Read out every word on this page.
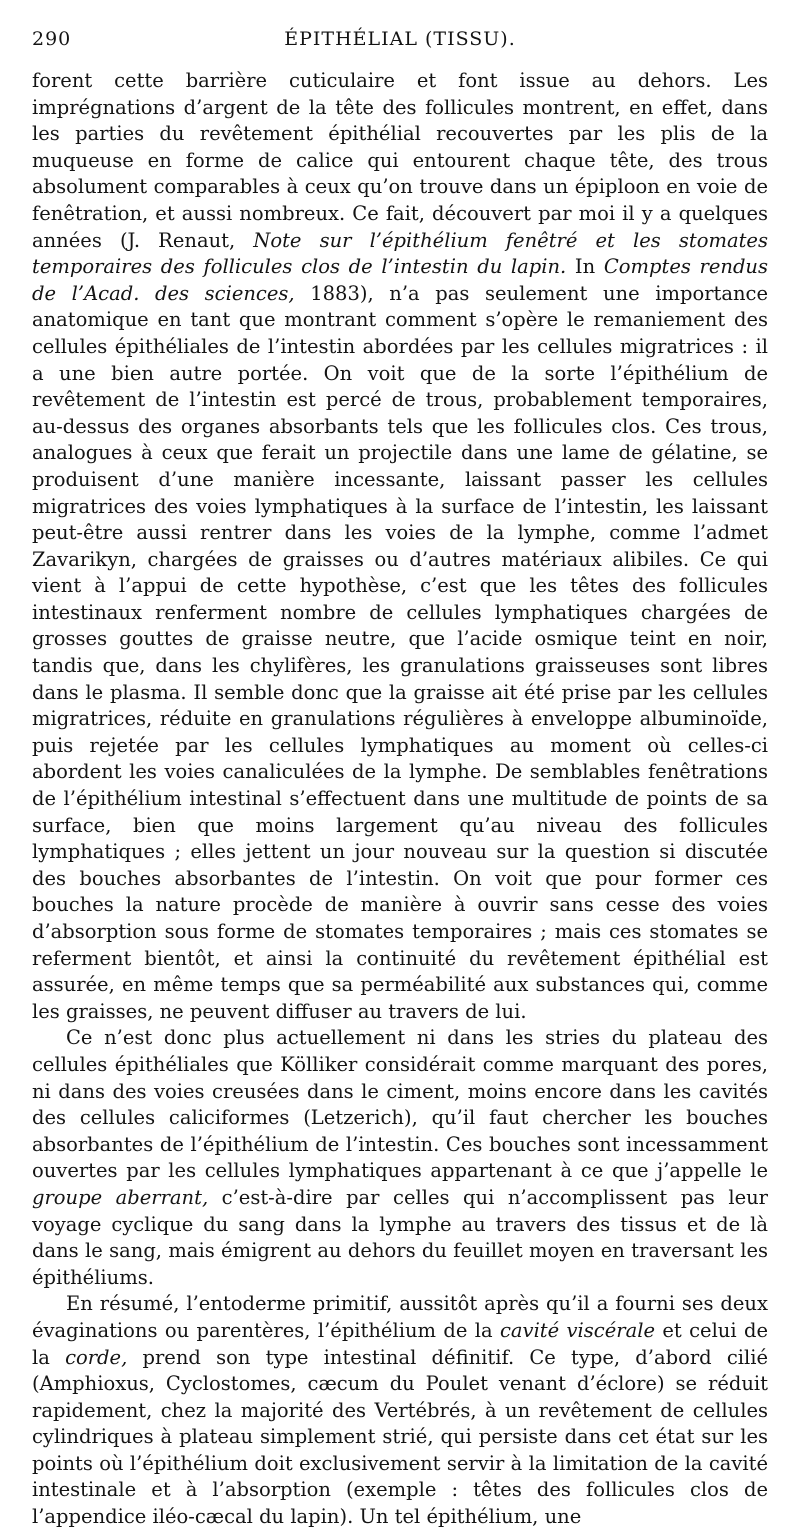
290	ÉPITHÉLIAL (TISSU).

forent cette barrière cuticulaire et font issue au dehors. Les imprégnations d’argent de la tête des follicules montrent, en effet, dans les parties du revêtement épithélial recouvertes par les plis de la muqueuse en forme de calice qui entourent chaque tête, des trous absolument comparables à ceux qu’on trouve dans un épiploon en voie de fenêtration, et aussi nombreux. Ce fait, découvert par moi il y a quelques années (J. Renaut, Note sur l’épithélium fenêtré et les stomates temporaires des follicules clos de l’intestin du lapin. In Comptes rendus de l’Acad. des sciences, 1883), n’a pas seulement une importance anatomique en tant que montrant comment s’opère le remaniement des cellules épithéliales de l’intestin abordées par les cellules migratrices : il a une bien autre portée. On voit que de la sorte l’épithélium de revêtement de l’intestin est percé de trous, probablement temporaires, au-dessus des organes absorbants tels que les follicules clos. Ces trous, analogues à ceux que ferait un projectile dans une lame de gélatine, se produisent d’une manière incessante, laissant passer les cellules migratrices des voies lymphatiques à la surface de l’intestin, les laissant peut-être aussi rentrer dans les voies de la lymphe, comme l’admet Zavarikyn, chargées de graisses ou d’autres matériaux alibiles. Ce qui vient à l’appui de cette hypothèse, c’est que les têtes des follicules intestinaux renferment nombre de cellules lymphatiques chargées de grosses gouttes de graisse neutre, que l’acide osmique teint en noir, tandis que, dans les chylifères, les granulations graisseuses sont libres dans le plasma. Il semble donc que la graisse ait été prise par les cellules migratrices, réduite en granulations régulières à enveloppe albuminoïde, puis rejetée par les cellules lymphatiques au moment où celles-ci abordent les voies canaliculées de la lymphe. De semblables fenêtrations de l’épithélium intestinal s’effectuent dans une multitude de points de sa surface, bien que moins largement qu’au niveau des follicules lymphatiques ; elles jettent un jour nouveau sur la question si discutée des bouches absorbantes de l’intestin. On voit que pour former ces bouches la nature procède de manière à ouvrir sans cesse des voies d’absorption sous forme de stomates temporaires ; mais ces stomates se referment bientôt, et ainsi la continuité du revêtement épithélial est assurée, en même temps que sa perméabilité aux substances qui, comme les graisses, ne peuvent diffuser au travers de lui.

Ce n’est donc plus actuellement ni dans les stries du plateau des cellules épithéliales que Kölliker considérait comme marquant des pores, ni dans des voies creusées dans le ciment, moins encore dans les cavités des cellules caliciformes (Letzerich), qu’il faut chercher les bouches absorbantes de l’épithélium de l’intestin. Ces bouches sont incessamment ouvertes par les cellules lymphatiques appartenant à ce que j’appelle le groupe aberrant, c’est-à-dire par celles qui n’accomplissent pas leur voyage cyclique du sang dans la lymphe au travers des tissus et de là dans le sang, mais émigrent au dehors du feuillet moyen en traversant les épithéliums.

En résumé, l’entoderme primitif, aussitôt après qu’il a fourni ses deux évaginations ou parentères, l’épithélium de la cavité viscérale et celui de la corde, prend son type intestinal définitif. Ce type, d’abord cilié (Amphioxus, Cyclostomes, cæcum du Poulet venant d’éclore) se réduit rapidement, chez la majorité des Vertébrés, à un revêtement de cellules cylindriques à plateau simplement strié, qui persiste dans cet état sur les points où l’épithélium doit exclusivement servir à la limitation de la cavité intestinale et à l’absorption (exemple : têtes des follicules clos de l’appendice iléo-cæcal du lapin). Un tel épithélium, une
